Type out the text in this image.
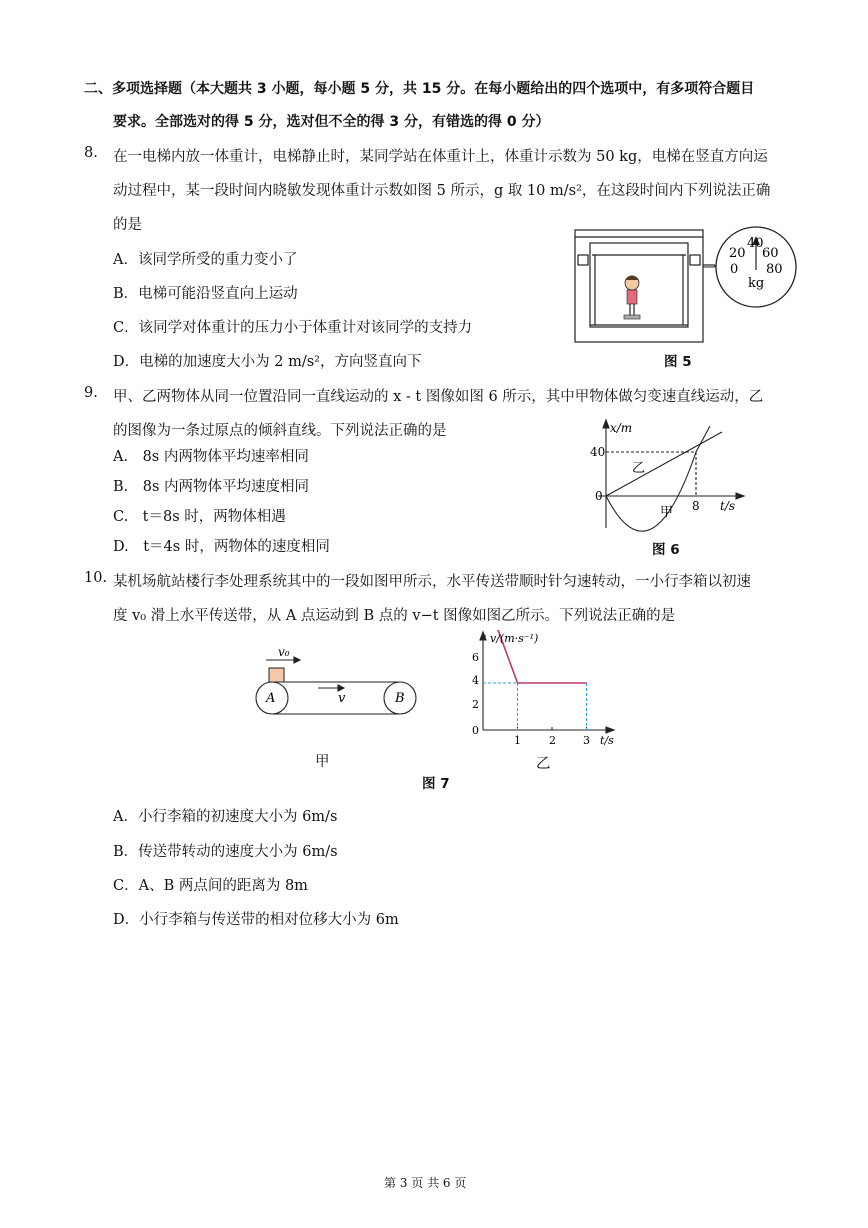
二、多项选择题（本大题共 3 小题，每小题 5 分，共 15 分。在每小题给出的四个选项中，有多项符合题目
要求。全部选对的得 5 分，选对但不全的得 3 分，有错选的得 0 分）
8. 在一电梯内放一体重计，电梯静止时，某同学站在体重计上，体重计示数为 50 kg，电梯在竖直方向运
动过程中，某一段时间内晓敏发现体重计示数如图 5 所示，g 取 10 m/s²，在这段时间内下列说法正确
的是
A．该同学所受的重力变小了
B．电梯可能沿竖直向上运动
C．该同学对体重计的压力小于体重计对该同学的支持力
D．电梯的加速度大小为 2 m/s²，方向竖直向下
0
20
40
60
80
kg
图 5
9. 甲、乙两物体从同一位置沿同一直线运动的 x - t 图像如图 6 所示，其中甲物体做匀变速直线运动，乙
的图像为一条过原点的倾斜直线。下列说法正确的是
A.　8s 内两物体平均速率相同
B.　8s 内两物体平均速度相同
C.　t＝8s 时，两物体相遇
D.　t＝4s 时，两物体的速度相同
x/m
40
0
8 t/s
乙
甲
图 6
10. 某机场航站楼行李处理系统其中的一段如图甲所示，水平传送带顺时针匀速转动，一小行李箱以初速
度 v₀ 滑上水平传送带，从 A 点运动到 B 点的 v−t 图像如图乙所示。下列说法正确的是
v₀
v
A	B
甲
v/(m·s⁻¹)
t/s
6
4
2
0
1	2 3
乙
图 7
A．小行李箱的初速度大小为 6m/s
B．传送带转动的速度大小为 6m/s
C．A、B 两点间的距离为 8m
D．小行李箱与传送带的相对位移大小为 6m
第 3 页 共 6 页
